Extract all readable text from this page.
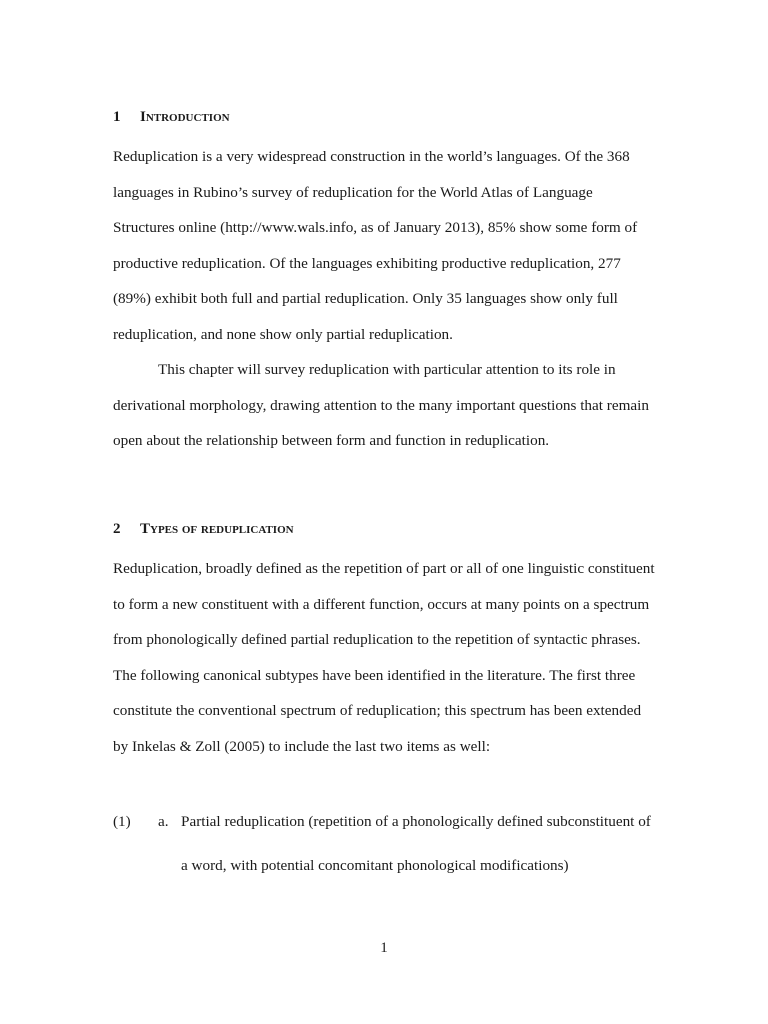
1 Introduction
Reduplication is a very widespread construction in the world’s languages. Of the 368
languages in Rubino’s survey of reduplication for the World Atlas of Language
Structures online (http://www.wals.info, as of January 2013), 85% show some form of
productive reduplication. Of the languages exhibiting productive reduplication, 277
(89%) exhibit both full and partial reduplication. Only 35 languages show only full
reduplication, and none show only partial reduplication.
This chapter will survey reduplication with particular attention to its role in
derivational morphology, drawing attention to the many important questions that remain
open about the relationship between form and function in reduplication.
2 Types of reduplication
Reduplication, broadly defined as the repetition of part or all of one linguistic constituent
to form a new constituent with a different function, occurs at many points on a spectrum
from phonologically defined partial reduplication to the repetition of syntactic phrases.
The following canonical subtypes have been identified in the literature. The first three
constitute the conventional spectrum of reduplication; this spectrum has been extended
by Inkelas & Zoll (2005) to include the last two items as well:
(1) a. Partial reduplication (repetition of a phonologically defined subconstituent of
a word, with potential concomitant phonological modifications)
1
